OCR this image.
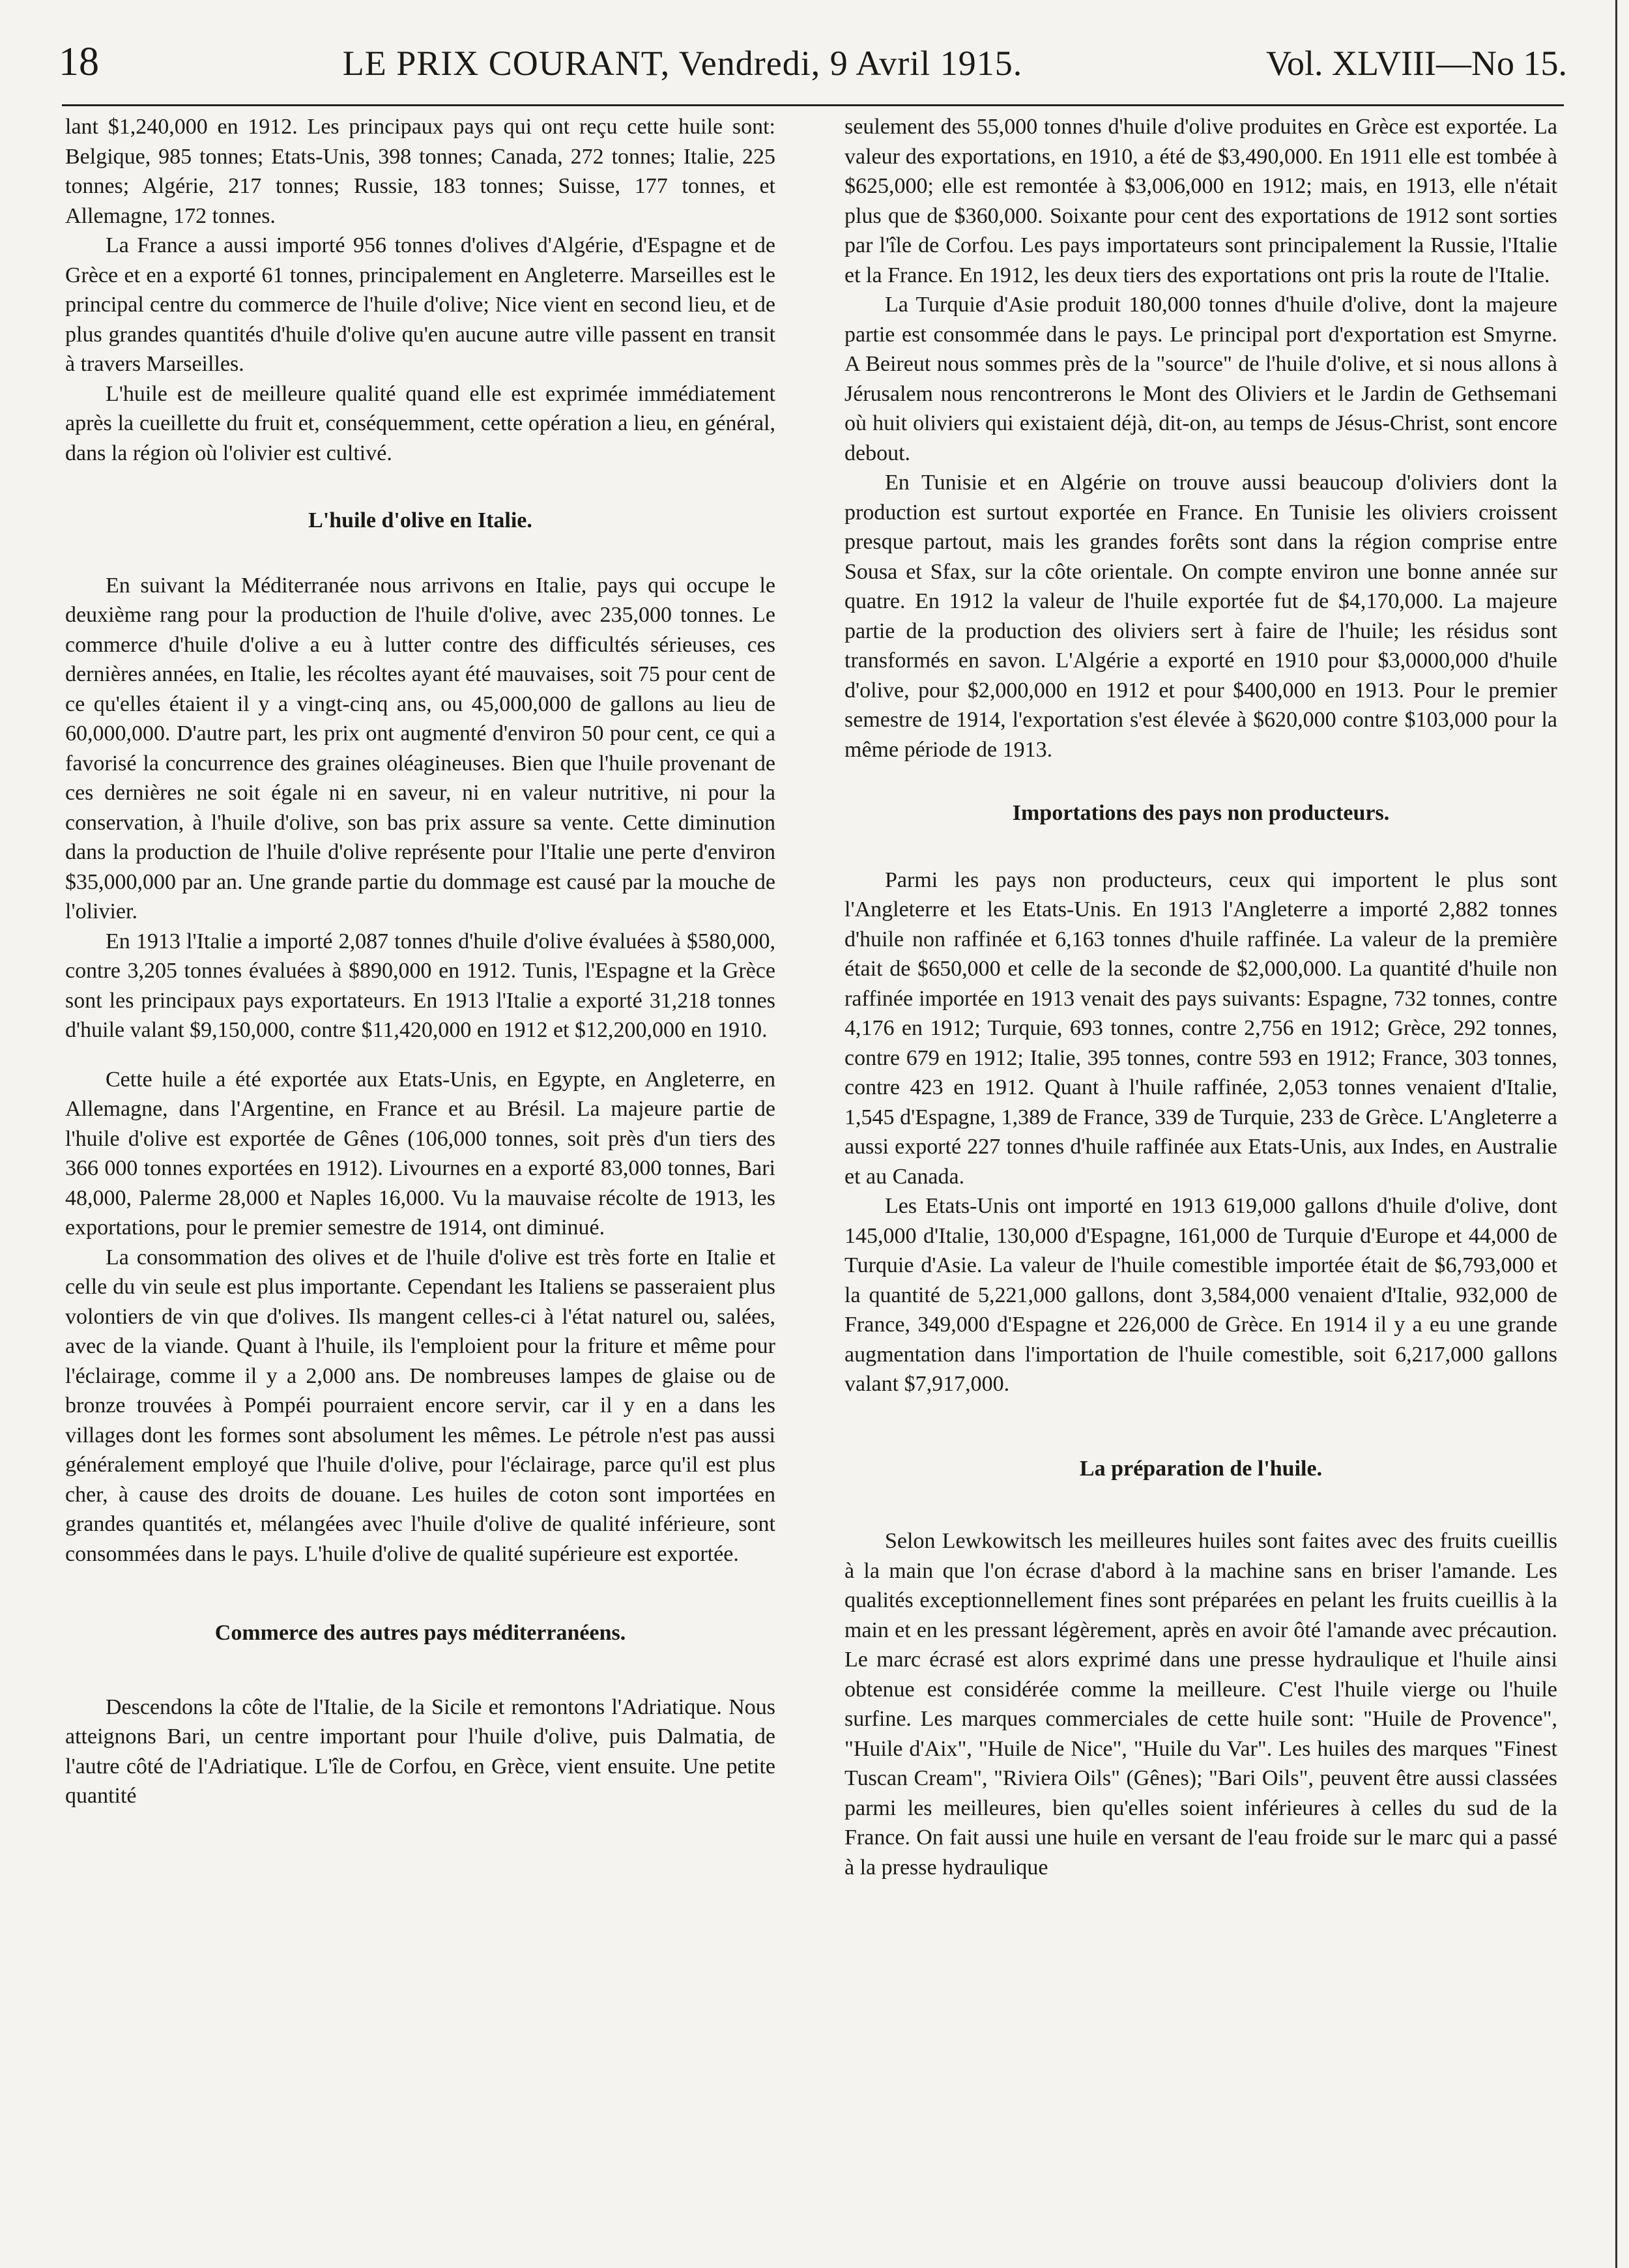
18	LE PRIX COURANT, Vendredi, 9 Avril 1915.	Vol. XLVIII—No 15.

lant $1,240,000 en 1912. Les principaux pays qui ont reçu cette huile sont: Belgique, 985 tonnes; Etats-Unis, 398 tonnes; Canada, 272 tonnes; Italie, 225 tonnes; Algérie, 217 tonnes; Russie, 183 tonnes; Suisse, 177 tonnes, et Allemagne, 172 tonnes.

La France a aussi importé 956 tonnes d'olives d'Algérie, d'Espagne et de Grèce et en a exporté 61 tonnes, principalement en Angleterre. Marseilles est le principal centre du commerce de l'huile d'olive; Nice vient en second lieu, et de plus grandes quantités d'huile d'olive qu'en aucune autre ville passent en transit à travers Marseilles.

L'huile est de meilleure qualité quand elle est exprimée immédiatement après la cueillette du fruit et, conséquemment, cette opération a lieu, en général, dans la région où l'olivier est cultivé.

L'huile d'olive en Italie.

En suivant la Méditerranée nous arrivons en Italie, pays qui occupe le deuxième rang pour la production de l'huile d'olive, avec 235,000 tonnes. Le commerce d'huile d'olive a eu à lutter contre des difficultés sérieuses, ces dernières années, en Italie, les récoltes ayant été mauvaises, soit 75 pour cent de ce qu'elles étaient il y a vingt-cinq ans, ou 45,000,000 de gallons au lieu de 60,000,000. D'autre part, les prix ont augmenté d'environ 50 pour cent, ce qui a favorisé la concurrence des graines oléagineuses. Bien que l'huile provenant de ces dernières ne soit égale ni en saveur, ni en valeur nutritive, ni pour la conservation, à l'huile d'olive, son bas prix assure sa vente. Cette diminution dans la production de l'huile d'olive représente pour l'Italie une perte d'environ $35,000,000 par an. Une grande partie du dommage est causé par la mouche de l'olivier.

En 1913 l'Italie a importé 2,087 tonnes d'huile d'olive évaluées à $580,000, contre 3,205 tonnes évaluées à $890,000 en 1912. Tunis, l'Espagne et la Grèce sont les principaux pays exportateurs. En 1913 l'Italie a exporté 31,218 tonnes d'huile valant $9,150,000, contre $11,420,000 en 1912 et $12,200,000 en 1910.

Cette huile a été exportée aux Etats-Unis, en Egypte, en Angleterre, en Allemagne, dans l'Argentine, en France et au Brésil. La majeure partie de l'huile d'olive est exportée de Gênes (106,000 tonnes, soit près d'un tiers des 366 000 tonnes exportées en 1912). Livournes en a exporté 83,000 tonnes, Bari 48,000, Palerme 28,000 et Naples 16,000. Vu la mauvaise récolte de 1913, les exportations, pour le premier semestre de 1914, ont diminué.

La consommation des olives et de l'huile d'olive est très forte en Italie et celle du vin seule est plus importante. Cependant les Italiens se passeraient plus volontiers de vin que d'olives. Ils mangent celles-ci à l'état naturel ou, salées, avec de la viande. Quant à l'huile, ils l'emploient pour la friture et même pour l'éclairage, comme il y a 2,000 ans. De nombreuses lampes de glaise ou de bronze trouvées à Pompéi pourraient encore servir, car il y en a dans les villages dont les formes sont absolument les mêmes. Le pétrole n'est pas aussi généralement employé que l'huile d'olive, pour l'éclairage, parce qu'il est plus cher, à cause des droits de douane. Les huiles de coton sont importées en grandes quantités et, mélangées avec l'huile d'olive de qualité inférieure, sont consommées dans le pays. L'huile d'olive de qualité supérieure est exportée.

Commerce des autres pays méditerranéens.

Descendons la côte de l'Italie, de la Sicile et remontons l'Adriatique. Nous atteignons Bari, un centre important pour l'huile d'olive, puis Dalmatia, de l'autre côté de l'Adriatique. L'île de Corfou, en Grèce, vient ensuite. Une petite quantité

seulement des 55,000 tonnes d'huile d'olive produites en Grèce est exportée. La valeur des exportations, en 1910, a été de $3,490,000. En 1911 elle est tombée à $625,000; elle est remontée à $3,006,000 en 1912; mais, en 1913, elle n'était plus que de $360,000. Soixante pour cent des exportations de 1912 sont sorties par l'île de Corfou. Les pays importateurs sont principalement la Russie, l'Italie et la France. En 1912, les deux tiers des exportations ont pris la route de l'Italie.

La Turquie d'Asie produit 180,000 tonnes d'huile d'olive, dont la majeure partie est consommée dans le pays. Le principal port d'exportation est Smyrne. A Beireut nous sommes près de la "source" de l'huile d'olive, et si nous allons à Jérusalem nous rencontrerons le Mont des Oliviers et le Jardin de Gethsemani où huit oliviers qui existaient déjà, dit-on, au temps de Jésus-Christ, sont encore debout.

En Tunisie et en Algérie on trouve aussi beaucoup d'oliviers dont la production est surtout exportée en France. En Tunisie les oliviers croissent presque partout, mais les grandes forêts sont dans la région comprise entre Sousa et Sfax, sur la côte orientale. On compte environ une bonne année sur quatre. En 1912 la valeur de l'huile exportée fut de $4,170,000. La majeure partie de la production des oliviers sert à faire de l'huile; les résidus sont transformés en savon. L'Algérie a exporté en 1910 pour $3,0000,000 d'huile d'olive, pour $2,000,000 en 1912 et pour $400,000 en 1913. Pour le premier semestre de 1914, l'exportation s'est élevée à $620,000 contre $103,000 pour la même période de 1913.

Importations des pays non producteurs.

Parmi les pays non producteurs, ceux qui importent le plus sont l'Angleterre et les Etats-Unis. En 1913 l'Angleterre a importé 2,882 tonnes d'huile non raffinée et 6,163 tonnes d'huile raffinée. La valeur de la première était de $650,000 et celle de la seconde de $2,000,000. La quantité d'huile non raffinée importée en 1913 venait des pays suivants: Espagne, 732 tonnes, contre 4,176 en 1912; Turquie, 693 tonnes, contre 2,756 en 1912; Grèce, 292 tonnes, contre 679 en 1912; Italie, 395 tonnes, contre 593 en 1912; France, 303 tonnes, contre 423 en 1912. Quant à l'huile raffinée, 2,053 tonnes venaient d'Italie, 1,545 d'Espagne, 1,389 de France, 339 de Turquie, 233 de Grèce. L'Angleterre a aussi exporté 227 tonnes d'huile raffinée aux Etats-Unis, aux Indes, en Australie et au Canada.

Les Etats-Unis ont importé en 1913 619,000 gallons d'huile d'olive, dont 145,000 d'Italie, 130,000 d'Espagne, 161,000 de Turquie d'Europe et 44,000 de Turquie d'Asie. La valeur de l'huile comestible importée était de $6,793,000 et la quantité de 5,221,000 gallons, dont 3,584,000 venaient d'Italie, 932,000 de France, 349,000 d'Espagne et 226,000 de Grèce. En 1914 il y a eu une grande augmentation dans l'importation de l'huile comestible, soit 6,217,000 gallons valant $7,917,000.

La préparation de l'huile.

Selon Lewkowitsch les meilleures huiles sont faites avec des fruits cueillis à la main que l'on écrase d'abord à la machine sans en briser l'amande. Les qualités exceptionnellement fines sont préparées en pelant les fruits cueillis à la main et en les pressant légèrement, après en avoir ôté l'amande avec précaution. Le marc écrasé est alors exprimé dans une presse hydraulique et l'huile ainsi obtenue est considérée comme la meilleure. C'est l'huile vierge ou l'huile surfine. Les marques commerciales de cette huile sont: "Huile de Provence", "Huile d'Aix", "Huile de Nice", "Huile du Var". Les huiles des marques "Finest Tuscan Cream", "Riviera Oils" (Gênes); "Bari Oils", peuvent être aussi classées parmi les meilleures, bien qu'elles soient inférieures à celles du sud de la France. On fait aussi une huile en versant de l'eau froide sur le marc qui a passé à la presse hydraulique
